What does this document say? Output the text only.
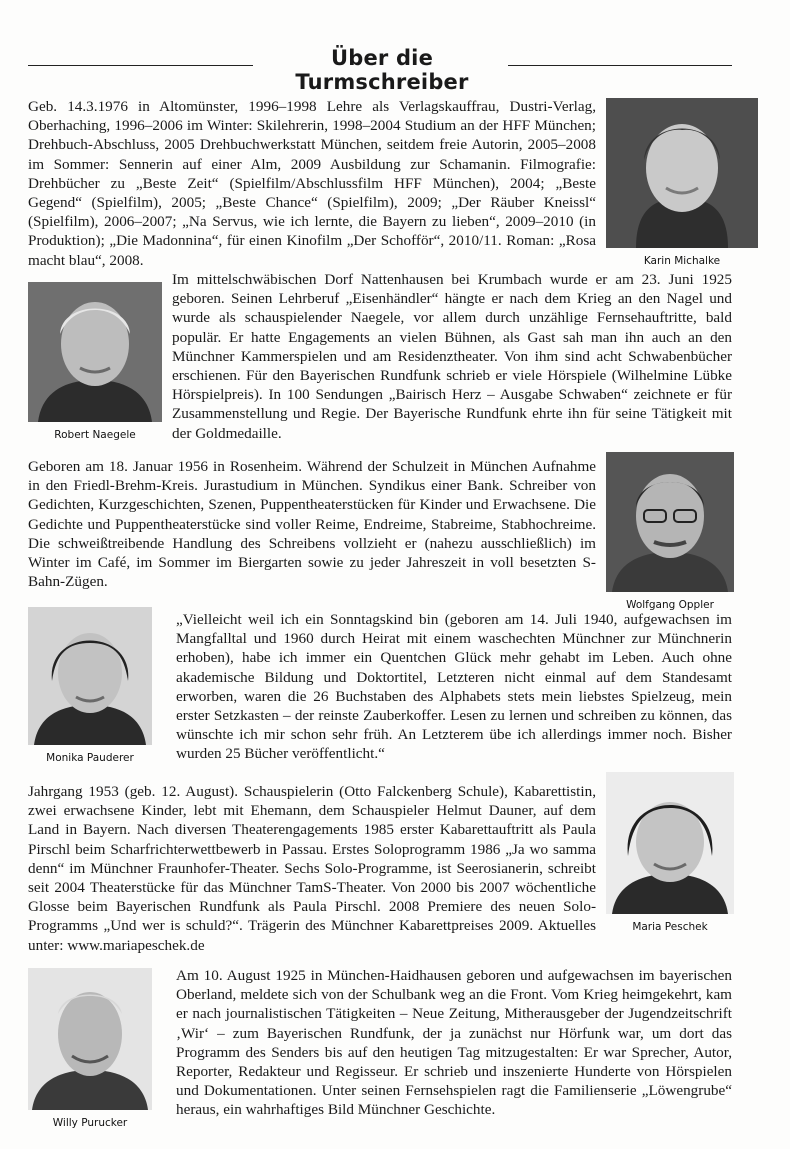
Über die Turmschreiber

Geb. 14.3.1976 in Altomünster, 1996–1998 Lehre als Verlagskauffrau, Dustri-Verlag, Oberhaching, 1996–2006 im Winter: Skilehrerin, 1998–2004 Studium an der HFF München; Drehbuch-Abschluss, 2005 Drehbuchwerkstatt München, seitdem freie Autorin, 2005–2008 im Sommer: Sennerin auf einer Alm, 2009 Ausbildung zur Schamanin. Filmografie: Drehbücher zu „Beste Zeit“ (Spielfilm/Abschlussfilm HFF München), 2004; „Beste Gegend“ (Spielfilm), 2005; „Beste Chance“ (Spielfilm), 2009; „Der Räuber Kneissl“ (Spielfilm), 2006–2007; „Na Servus, wie ich lernte, die Bayern zu lieben“, 2009–2010 (in Produktion); „Die Madonnina“, für einen Kinofilm „Der Schofför“, 2010/11. Roman: „Rosa macht blau“, 2008.	Karin Michalke
Robert Naegele

Im mittelschwäbischen Dorf Nattenhausen bei Krumbach wurde er am 23. Juni 1925 geboren. Seinen Lehrberuf „Eisenhändler“ hängte er nach dem Krieg an den Nagel und wurde als schauspielender Naegele, vor allem durch unzählige Fernsehauftritte, bald populär. Er hatte Engagements an vielen Bühnen, als Gast sah man ihn auch an den Münchner Kammerspielen und am Residenztheater. Von ihm sind acht Schwabenbücher erschienen. Für den Bayerischen Rundfunk schrieb er viele Hörspiele (Wilhelmine Lübke Hörspielpreis). In 100 Sendungen „Bairisch Herz – Ausgabe Schwaben“ zeichnete er für Zusammenstellung und Regie. Der Bayerische Rundfunk ehrte ihn für seine Tätigkeit mit der Goldmedaille.

Geboren am 18. Januar 1956 in Rosenheim. Während der Schulzeit in München Aufnahme in den Friedl-Brehm-Kreis. Jurastudium in München. Syndikus einer Bank. Schreiber von Gedichten, Kurzgeschichten, Szenen, Puppentheaterstücken für Kinder und Erwachsene. Die Gedichte und Puppentheaterstücke sind voller Reime, Endreime, Stabreime, Stabhochreime. Die schweißtreibende Handlung des Schreibens vollzieht er (nahezu ausschließlich) im Winter im Café, im Sommer im Biergarten sowie zu jeder Jahreszeit in voll besetzten S-Bahn-Zügen.

Wolfgang Oppler
Monika Pauderer

„Vielleicht weil ich ein Sonntagskind bin (geboren am 14. Juli 1940, aufgewachsen im Mangfalltal und 1960 durch Heirat mit einem waschechten Münchner zur Münchnerin erhoben), habe ich immer ein Quentchen Glück mehr gehabt im Leben. Auch ohne akademische Bildung und Doktortitel, Letzteren nicht einmal auf dem Standesamt erworben, waren die 26 Buchstaben des Alphabets stets mein liebstes Spielzeug, mein erster Setzkasten – der reinste Zauberkoffer. Lesen zu lernen und schreiben zu können, das wünschte ich mir schon sehr früh. An Letzterem übe ich allerdings immer noch. Bisher wurden 25 Bücher veröffentlicht.“

Jahrgang 1953 (geb. 12. August). Schauspielerin (Otto Falckenberg Schule), Kabarettistin, zwei erwachsene Kinder, lebt mit Ehemann, dem Schauspieler Helmut Dauner, auf dem Land in Bayern. Nach diversen Theaterengagements 1985 erster Kabarettauftritt als Paula Pirschl beim Scharfrichterwettbewerb in Passau. Erstes Soloprogramm 1986 „Ja wo samma denn“ im Münchner Fraunhofer-Theater. Sechs Solo-Programme, ist Seerosianerin, schreibt seit 2004 Theaterstücke für das Münchner TamS-Theater. Von 2000 bis 2007 wöchentliche Glosse beim Bayerischen Rundfunk als Paula Pirschl. 2008 Premiere des neuen Solo-Programms „Und wer is schuld?“. Trägerin des Münchner Kabarettpreises 2009. Aktuelles unter: www.mariapeschek.de

Maria Peschek
Willy Purucker

Am 10. August 1925 in München-Haidhausen geboren und aufgewachsen im bayerischen Oberland, meldete sich von der Schulbank weg an die Front. Vom Krieg heimgekehrt, kam er nach journalistischen Tätigkeiten – Neue Zeitung, Mitherausgeber der Jugendzeitschrift ‚Wir‘ – zum Bayerischen Rundfunk, der ja zunächst nur Hörfunk war, um dort das Programm des Senders bis auf den heutigen Tag mitzugestalten: Er war Sprecher, Autor, Reporter, Redakteur und Regisseur. Er schrieb und inszenierte Hunderte von Hörspielen und Dokumentationen. Unter seinen Fernsehspielen ragt die Familienserie „Löwengrube“ heraus, ein wahrhaftiges Bild Münchner Geschichte.
